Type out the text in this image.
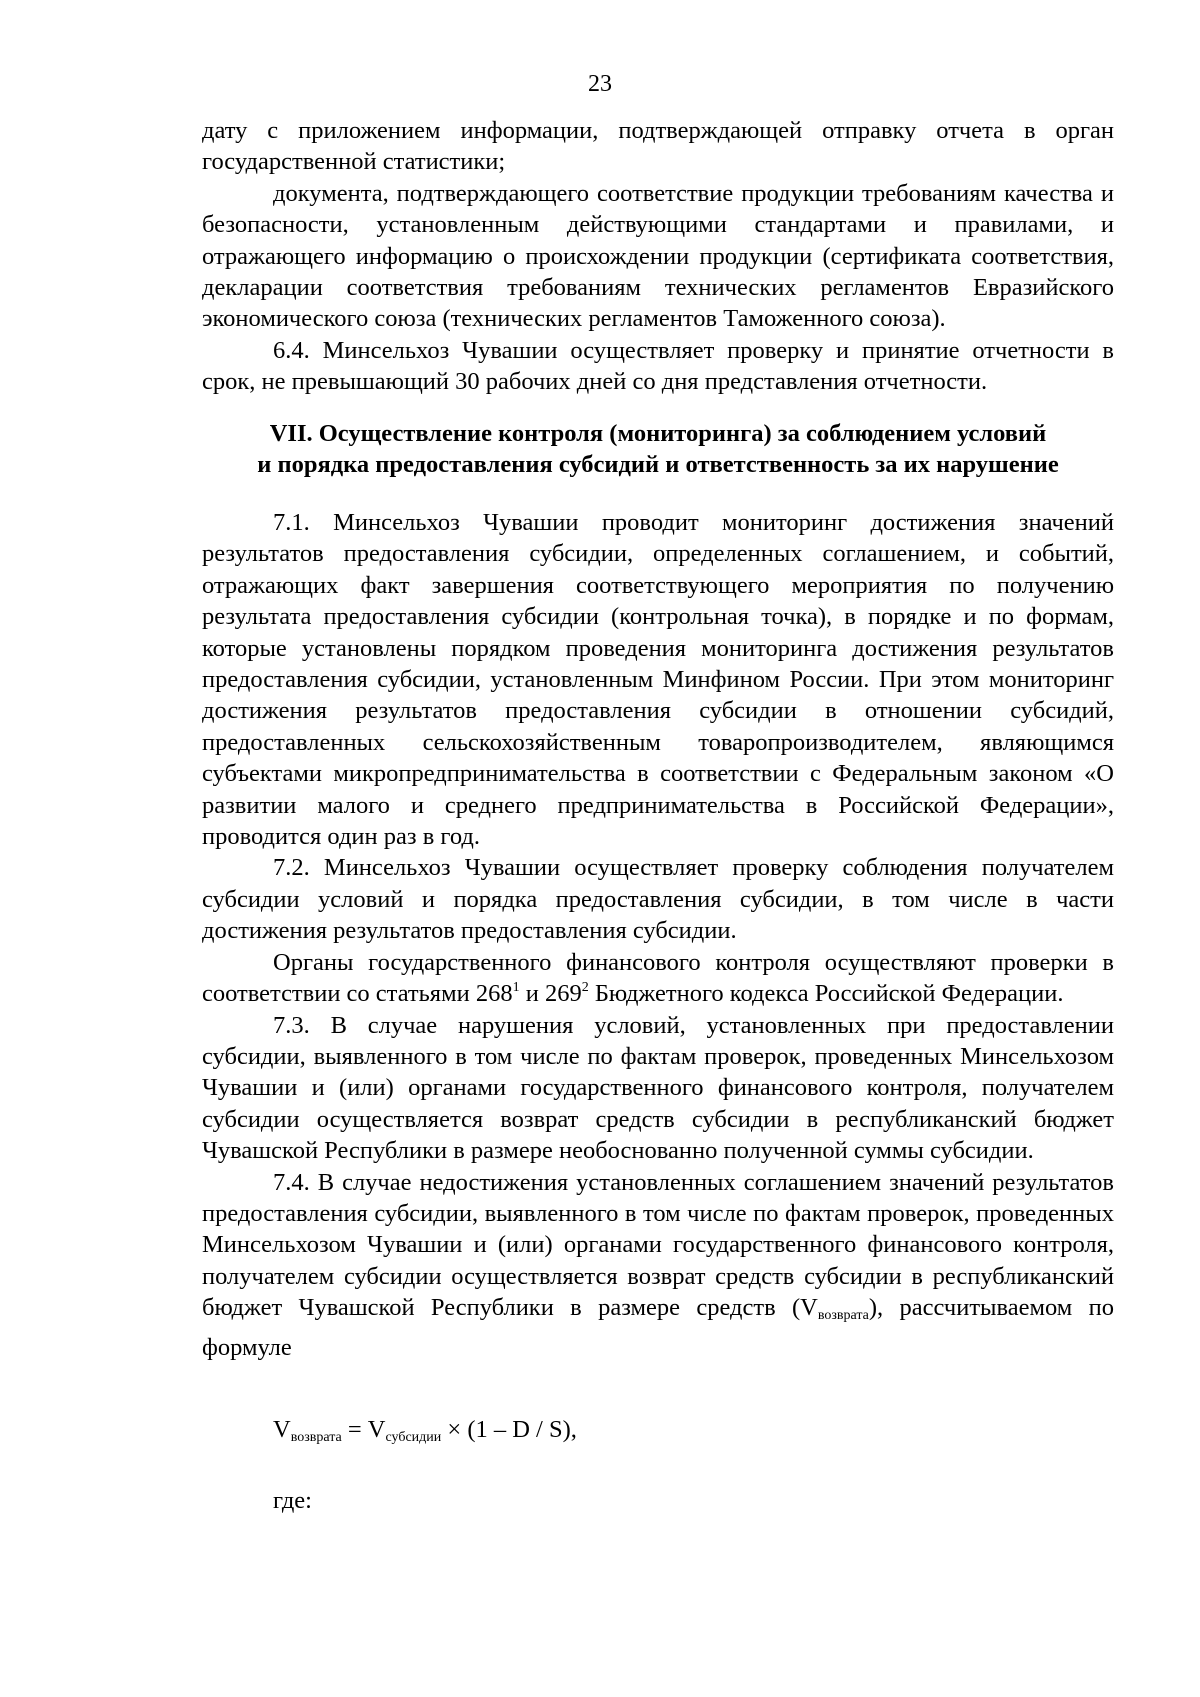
23

дату с приложением информации, подтверждающей отправку отчета в орган государственной статистики;

документа, подтверждающего соответствие продукции требованиям качества и безопасности, установленным действующими стандартами и правилами, и отражающего информацию о происхождении продукции (сертификата соответствия, декларации соответствия требованиям технических регламентов Евразийского экономического союза (технических регламентов Таможенного союза).

6.4. Минсельхоз Чувашии осуществляет проверку и принятие отчетности в срок, не превышающий 30 рабочих дней со дня представления отчетности.

VII. Осуществление контроля (мониторинга) за соблюдением условий
и порядка предоставления субсидий и ответственность за их нарушение

7.1. Минсельхоз Чувашии проводит мониторинг достижения значений результатов предоставления субсидии, определенных соглашением, и событий, отражающих факт завершения соответствующего мероприятия по получению результата предоставления субсидии (контрольная точка), в порядке и по формам, которые установлены порядком проведения мониторинга достижения результатов предоставления субсидии, установленным Минфином России. При этом мониторинг достижения результатов предоставления субсидии в отношении субсидий, предоставленных сельскохозяйственным товаропроизводителем, являющимся субъектами микропредпринимательства в соответствии с Федеральным законом «О развитии малого и среднего предпринимательства в Российской Федерации», проводится один раз в год.

7.2. Минсельхоз Чувашии осуществляет проверку соблюдения получателем субсидии условий и порядка предоставления субсидии, в том числе в части достижения результатов предоставления субсидии.

Органы государственного финансового контроля осуществляют проверки в соответствии со статьями $268^1$ и $269^2$ Бюджетного кодекса Российской Федерации.

7.3. В случае нарушения условий, установленных при предоставлении субсидии, выявленного в том числе по фактам проверок, проведенных Минсельхозом Чувашии и (или) органами государственного финансового контроля, получателем субсидии осуществляется возврат средств субсидии в республиканский бюджет Чувашской Республики в размере необоснованно полученной суммы субсидии.

7.4. В случае недостижения установленных соглашением значений результатов предоставления субсидии, выявленного в том числе по фактам проверок, проведенных Минсельхозом Чувашии и (или) органами государственного финансового контроля, получателем субсидии осуществляется возврат средств субсидии в республиканский бюджет Чувашской Республики в размере средств $(V_{возврата})$, рассчитываемом по формуле

$V_{возврата} = V_{субсидии} \times (1 - D / S)$,
где:
